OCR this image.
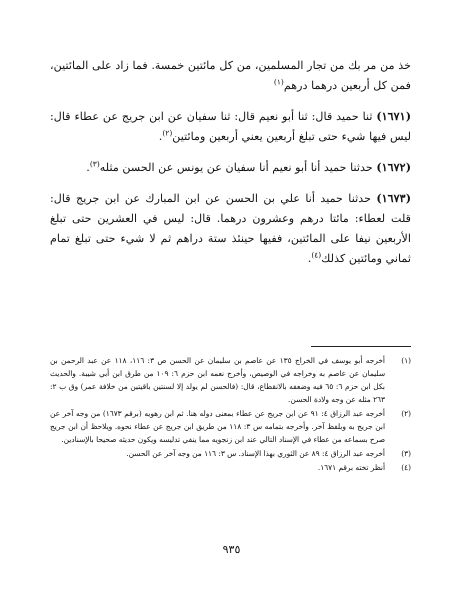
خذ من مر بك من تجار المسلمين، من كل مائتين خمسة. فما زاد على المائتين، فمن كل أربعين درهما درهم$^{(١)}$

(١٦٧١) ثنا حميد قال: ثنا أبو نعيم قال: ثنا سفيان عن ابن جريج عن عطاء قال: ليس فيها شيء حتى تبلغ أربعين يعني أربعين ومائتين$^{(٢)}$.

(١٦٧٢) حدثنا حميد أنا أبو نعيم أنا سفيان عن يونس عن الحسن مثله$^{(٣)}$.

(١٦٧٣) حدثنا حميد أنا علي بن الحسن عن ابن المبارك عن ابن جريج قال: قلت لعطاء: مائتا درهم وعشرون درهما. قال: ليس في العشرين حتى تبلغ الأربعين نيفا على المائتين، ففيها حينئذ ستة دراهم ثم لا شيء حتى تبلغ تمام ثماني ومائتين كذلك$^{(٤)}$.

(١)
أخرجه أبو يوسف في الخراج ١٣٥ عن عاصم بن سليمان عن الحسن ص ٣: ١١٦، ١١٨ عن عبد الرحمن بن سليمان عن عاصم به وخراجه في الوصيص، وأخرج نعمه ابن حزم ٦: ١٠٩ من طرق ابن أبي شيبة. والحديث بكل ابن حزم ٦: ٦٥ فيه وضعفه بالانقطاع، قال: (فالحسن لم يولد إلا لسنتين باقيتين من خلافة عمر) وق ب ٢: ٢٦٣ مثله عن وجه ولادة الحسن.
(٢)
أخرجه عبد الرزاق ٤: ٩١ عن ابن جريج عن عطاء بمعنى دوله هنا. ثم ابن رهويه (برقم ١٦٧٣) من وجه آخر عن ابن جريج به وبلفظ آخر. وأخرجه بتمامه س ٣: ١١٨ من طريق ابن جريج عن عطاء نحوه. ويلاحظ أن ابن جريج صرح بسماعه من عطاء في الإسناد التالي عند ابن زنجويه مما ينفي تدليسه ويكون حديثه صحيحا بالإسنادين.
(٣)
أخرجه عبد الرزاق ٤: ٨٩ عن الثوري بهذا الإسناد. س ٣: ١١٦ من وجه آخر عن الحسن.
(٤)
أنظر تخته برقم ١٦٧١.
٩٣٥
